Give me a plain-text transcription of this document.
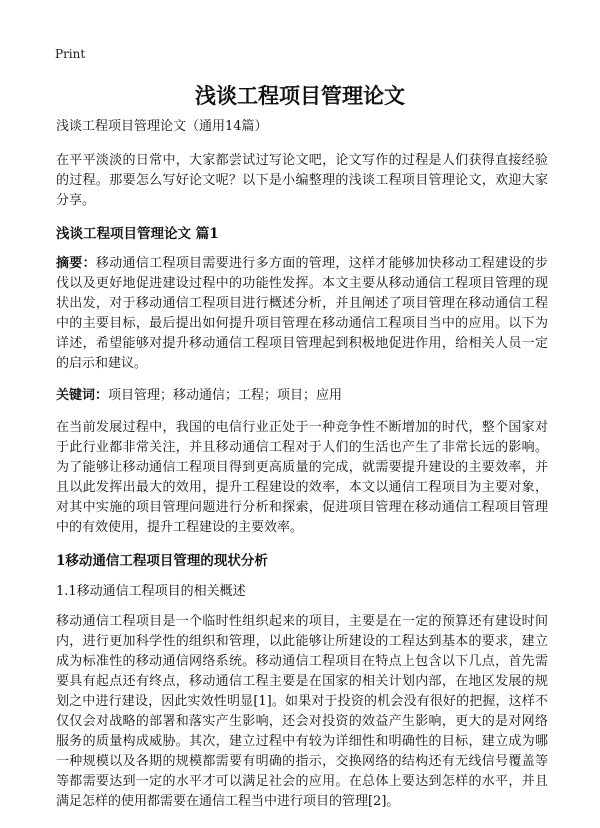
Print
浅谈工程项目管理论文

浅谈工程项目管理论文（通用14篇）

在平平淡淡的日常中，大家都尝试过写论文吧，论文写作的过程是人们获得直接经验的过程。那要怎么写好论文呢？以下是小编整理的浅谈工程项目管理论文，欢迎大家分享。

浅谈工程项目管理论文 篇1

摘要：移动通信工程项目需要进行多方面的管理，这样才能够加快移动工程建设的步伐以及更好地促进建设过程中的功能性发挥。本文主要从移动通信工程项目管理的现状出发，对于移动通信工程项目进行概述分析，并且阐述了项目管理在移动通信工程中的主要目标，最后提出如何提升项目管理在移动通信工程项目当中的应用。以下为详述，希望能够对提升移动通信工程项目管理起到积极地促进作用，给相关人员一定的启示和建议。

关键词：项目管理；移动通信；工程；项目；应用

在当前发展过程中，我国的电信行业正处于一种竞争性不断增加的时代，整个国家对于此行业都非常关注，并且移动通信工程对于人们的生活也产生了非常长远的影响。为了能够让移动通信工程项目得到更高质量的完成，就需要提升建设的主要效率，并且以此发挥出最大的效用，提升工程建设的效率，本文以通信工程项目为主要对象，对其中实施的项目管理问题进行分析和探索，促进项目管理在移动通信工程项目管理中的有效使用，提升工程建设的主要效率。

1移动通信工程项目管理的现状分析

1.1移动通信工程项目的相关概述

移动通信工程项目是一个临时性组织起来的项目，主要是在一定的预算还有建设时间内，进行更加科学性的组织和管理，以此能够让所建设的工程达到基本的要求，建立成为标准性的移动通信网络系统。移动通信工程项目在特点上包含以下几点，首先需要具有起点还有终点，移动通信工程主要是在国家的相关计划内部，在地区发展的规划之中进行建设，因此实效性明显[1]。如果对于投资的机会没有很好的把握，这样不仅仅会对战略的部署和落实产生影响，还会对投资的效益产生影响，更大的是对网络服务的质量构成威胁。其次，建立过程中有较为详细性和明确性的目标，建立成为哪一种规模以及各期的规模都需要有明确的指示，交换网络的结构还有无线信号覆盖等等都需要达到一定的水平才可以满足社会的应用。在总体上要达到怎样的水平，并且满足怎样的使用都需要在通信工程当中进行项目的管理[2]。
